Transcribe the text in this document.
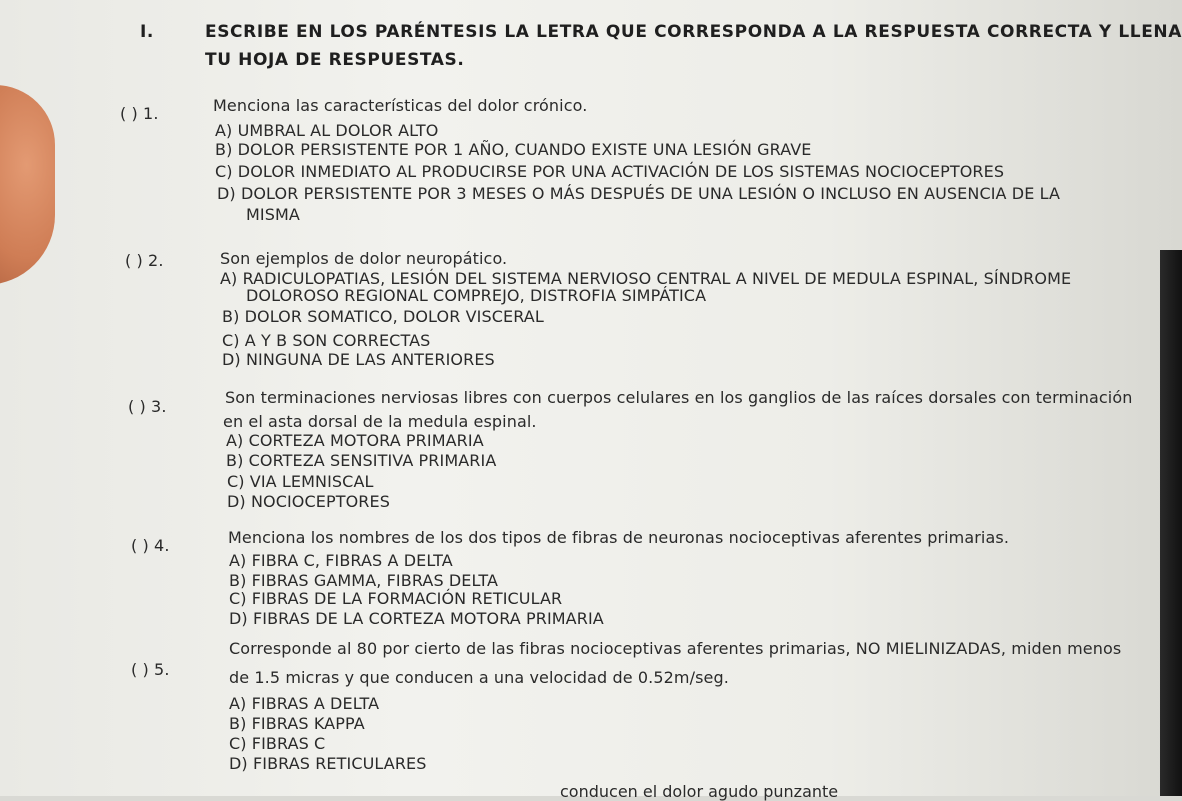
I.	ESCRIBE EN LOS PARÉNTESIS LA LETRA QUE CORRESPONDA A LA RESPUESTA CORRECTA Y LLENA
TU HOJA DE RESPUESTAS.
( ) 1.	Menciona las características del dolor crónico.
A) UMBRAL AL DOLOR ALTO
B) DOLOR PERSISTENTE POR 1 AÑO, CUANDO EXISTE UNA LESIÓN GRAVE
C) DOLOR INMEDIATO AL PRODUCIRSE POR UNA ACTIVACIÓN DE LOS SISTEMAS NOCIOCEPTORES
D) DOLOR PERSISTENTE POR 3 MESES O MÁS DESPUÉS DE UNA LESIÓN O INCLUSO EN AUSENCIA DE LA
MISMA
( ) 2.	Son ejemplos de dolor neuropático.
A) RADICULOPATIAS, LESIÓN DEL SISTEMA NERVIOSO CENTRAL A NIVEL DE MEDULA ESPINAL, SÍNDROME
DOLOROSO REGIONAL COMPREJO, DISTROFIA SIMPÁTICA
B) DOLOR SOMATICO, DOLOR VISCERAL
C) A Y B SON CORRECTAS
D) NINGUNA DE LAS ANTERIORES
( ) 3.	Son terminaciones nerviosas libres con cuerpos celulares en los ganglios de las raíces dorsales con terminación
en el asta dorsal de la medula espinal.
A) CORTEZA MOTORA PRIMARIA
B) CORTEZA SENSITIVA PRIMARIA
C) VIA LEMNISCAL
D) NOCIOCEPTORES
( ) 4.	Menciona los nombres de los dos tipos de fibras de neuronas nocioceptivas aferentes primarias.
A) FIBRA C, FIBRAS A DELTA
B) FIBRAS GAMMA, FIBRAS DELTA
C) FIBRAS DE LA FORMACIÓN RETICULAR
D) FIBRAS DE LA CORTEZA MOTORA PRIMARIA
( ) 5.
Corresponde al 80 por cierto de las fibras nocioceptivas aferentes primarias, NO MIELINIZADAS, miden menos
de 1.5 micras y que conducen a una velocidad de 0.52m/seg.
A) FIBRAS A DELTA
B) FIBRAS KAPPA
C) FIBRAS C
D) FIBRAS RETICULARES
conducen el dolor agudo punzante
